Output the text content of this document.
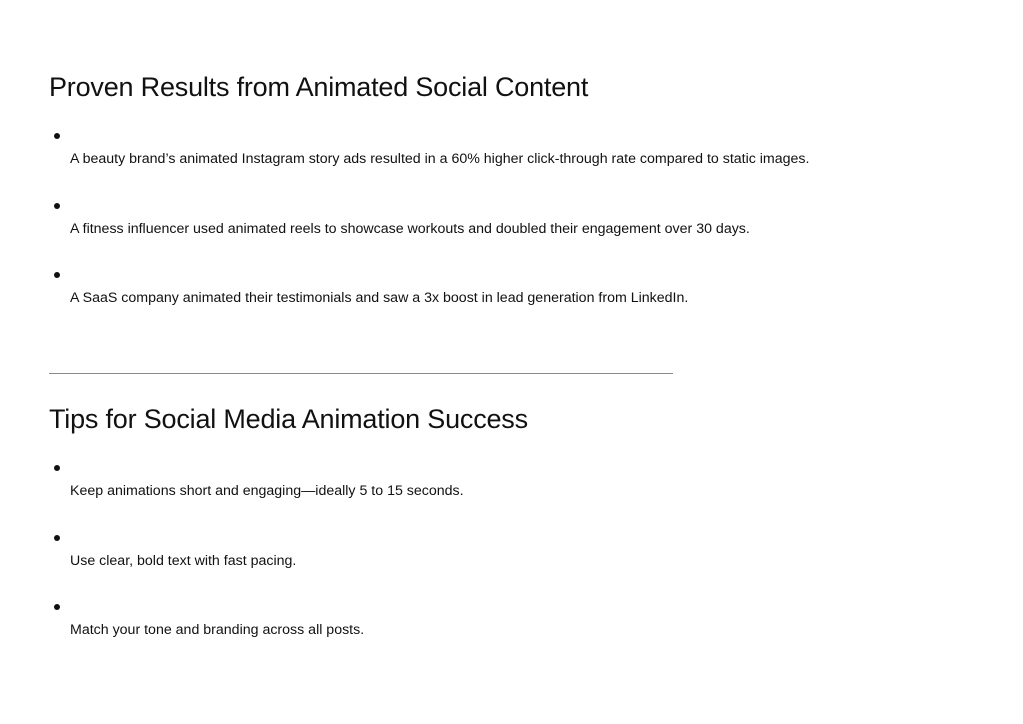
Proven Results from Animated Social Content
A beauty brand’s animated Instagram story ads resulted in a 60% higher click-through rate compared to static images.
A fitness influencer used animated reels to showcase workouts and doubled their engagement over 30 days.
A SaaS company animated their testimonials and saw a 3x boost in lead generation from LinkedIn.
Tips for Social Media Animation Success
Keep animations short and engaging—ideally 5 to 15 seconds.
Use clear, bold text with fast pacing.
Match your tone and branding across all posts.
